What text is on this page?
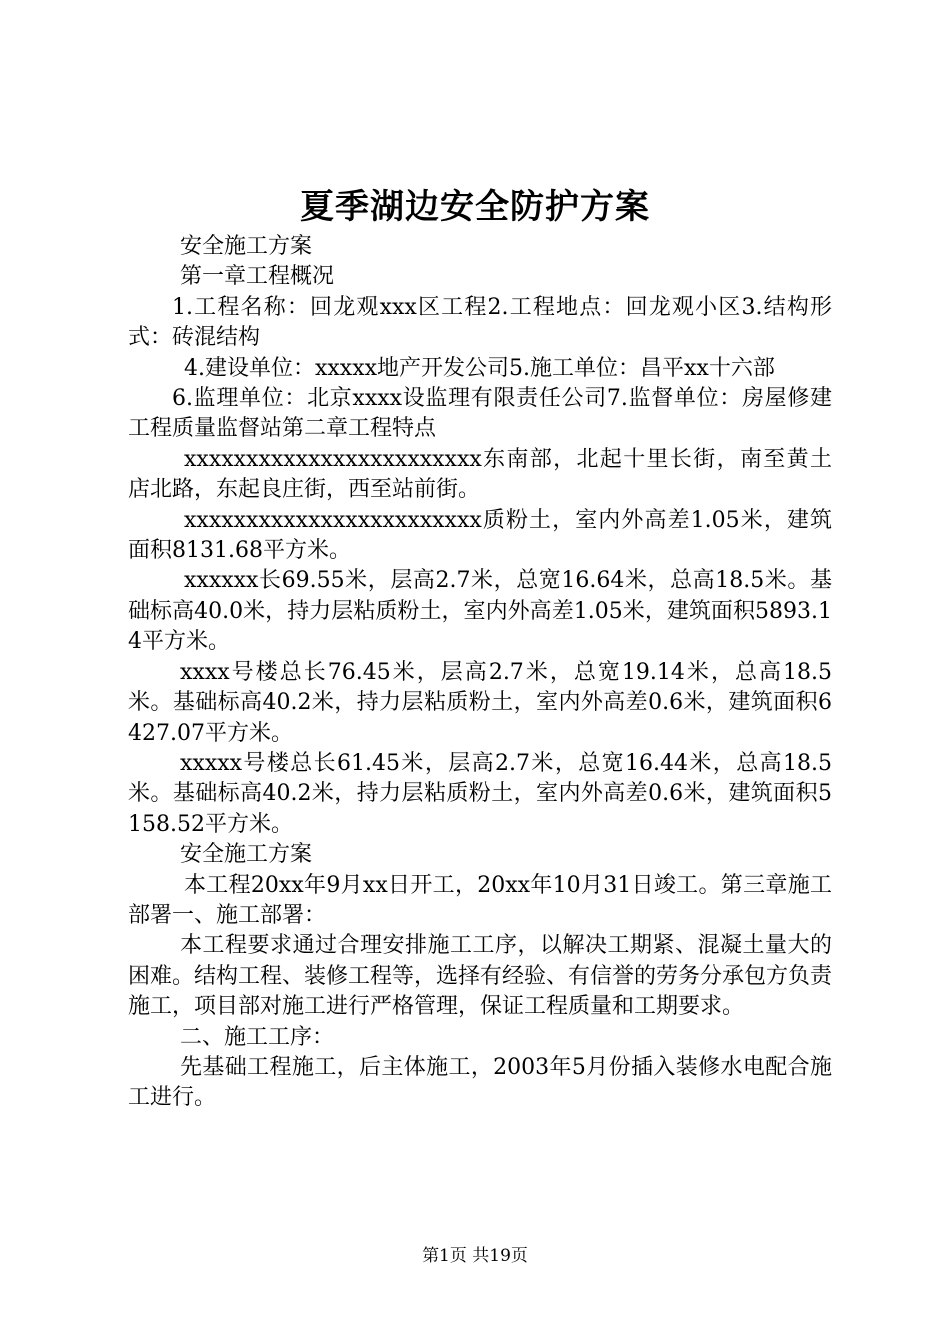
夏季湖边安全防护方案

安全施工方案

第一章工程概况

1.工程名称：回龙观xxx区工程2.工程地点：回龙观小区3.结构形式：砖混结构

4.建设单位：xxxxx地产开发公司5.施工单位：昌平xx十六部

6.监理单位：北京xxxx设监理有限责任公司7.监督单位：房屋修建工程质量监督站第二章工程特点

xxxxxxxxxxxxxxxxxxxxxxxx东南部，北起十里长街，南至黄土店北路，东起良庄街，西至站前街。

xxxxxxxxxxxxxxxxxxxxxxxx质粉土，室内外高差1.05米，建筑面积8131.68平方米。

xxxxxx长69.55米，层高2.7米，总宽16.64米，总高18.5米。基础标高40.0米，持力层粘质粉土，室内外高差1.05米，建筑面积5893.14平方米。

xxxx号楼总长76.45米，层高2.7米，总宽19.14米，总高18.5米。基础标高40.2米，持力层粘质粉土，室内外高差0.6米，建筑面积6427.07平方米。

xxxxx号楼总长61.45米，层高2.7米，总宽16.44米，总高18.5米。基础标高40.2米，持力层粘质粉土，室内外高差0.6米，建筑面积5158.52平方米。

安全施工方案

本工程20xx年9月xx日开工，20xx年10月31日竣工。第三章施工部署一、施工部署：

本工程要求通过合理安排施工工序，以解决工期紧、混凝土量大的困难。结构工程、装修工程等，选择有经验、有信誉的劳务分承包方负责施工，项目部对施工进行严格管理，保证工程质量和工期要求。

二、施工工序：

先基础工程施工，后主体施工，2003年5月份插入装修水电配合施工进行。

第1页 共19页
